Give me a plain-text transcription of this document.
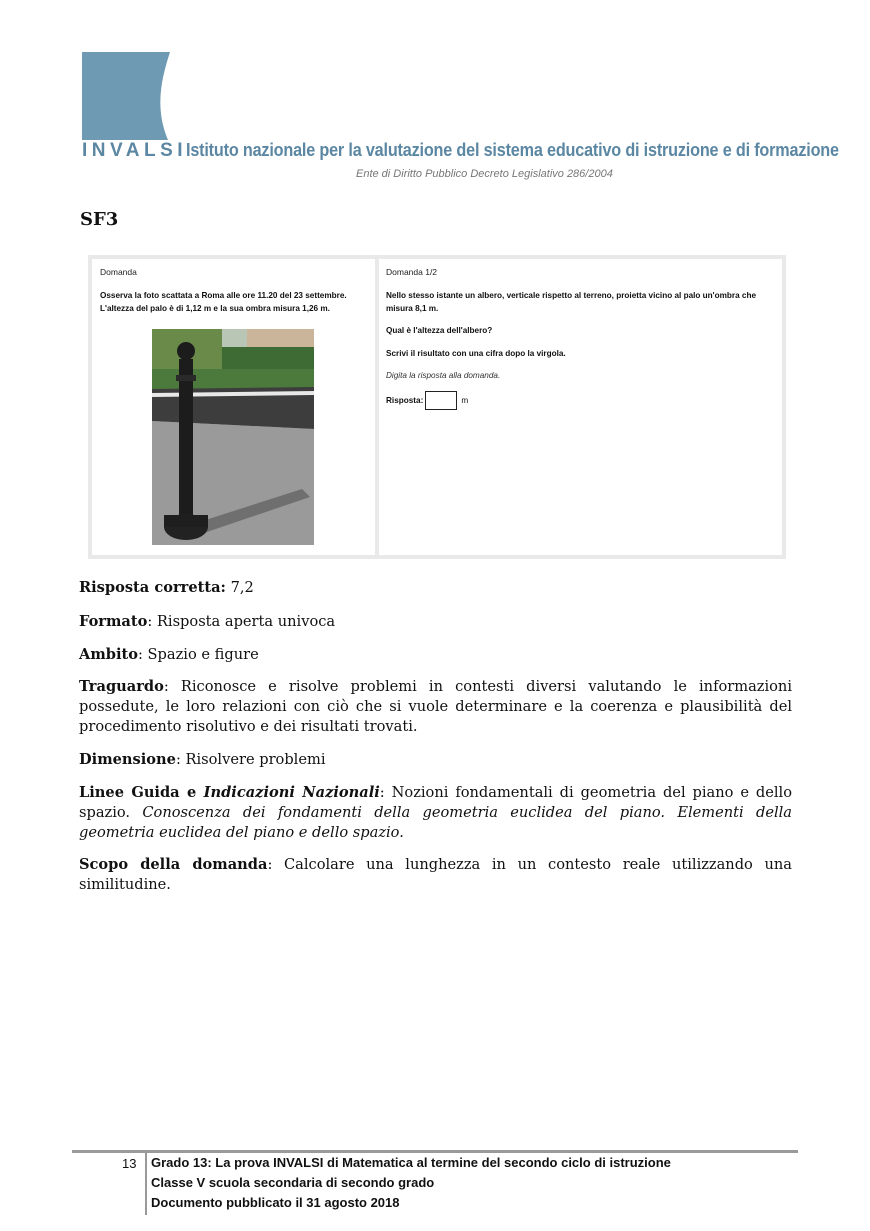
INVALSI
Istituto nazionale per la valutazione del sistema educativo di istruzione e di formazione
Ente di Diritto Pubblico Decreto Legislativo 286/2004
SF3
Domanda
Osserva la foto scattata a Roma alle ore 11.20 del 23 settembre.
L'altezza del palo è di 1,12 m e la sua ombra misura 1,26 m.
Domanda 1/2
Nello stesso istante un albero, verticale rispetto al terreno, proietta vicino al palo un'ombra che misura 8,1 m.
Qual è l'altezza dell'albero?
Scrivi il risultato con una cifra dopo la virgola.
Digita la risposta alla domanda.
Risposta:	m
Risposta corretta: 7,2
Formato: Risposta aperta univoca
Ambito: Spazio e figure
Traguardo: Riconosce e risolve problemi in contesti diversi valutando le informazioni possedute, le loro relazioni con ciò che si vuole determinare e la coerenza e plausibilità del procedimento risolutivo e dei risultati trovati.
Dimensione: Risolvere problemi
Linee Guida e Indicazioni Nazionali: Nozioni fondamentali di geometria del piano e dello spazio. Conoscenza dei fondamenti della geometria euclidea del piano. Elementi della geometria euclidea del piano e dello spazio.
Scopo della domanda: Calcolare una lunghezza in un contesto reale utilizzando una similitudine.
13 Grado 13: La prova INVALSI di Matematica al termine del secondo ciclo di istruzione
Classe V scuola secondaria di secondo grado
Documento pubblicato il 31 agosto 2018
